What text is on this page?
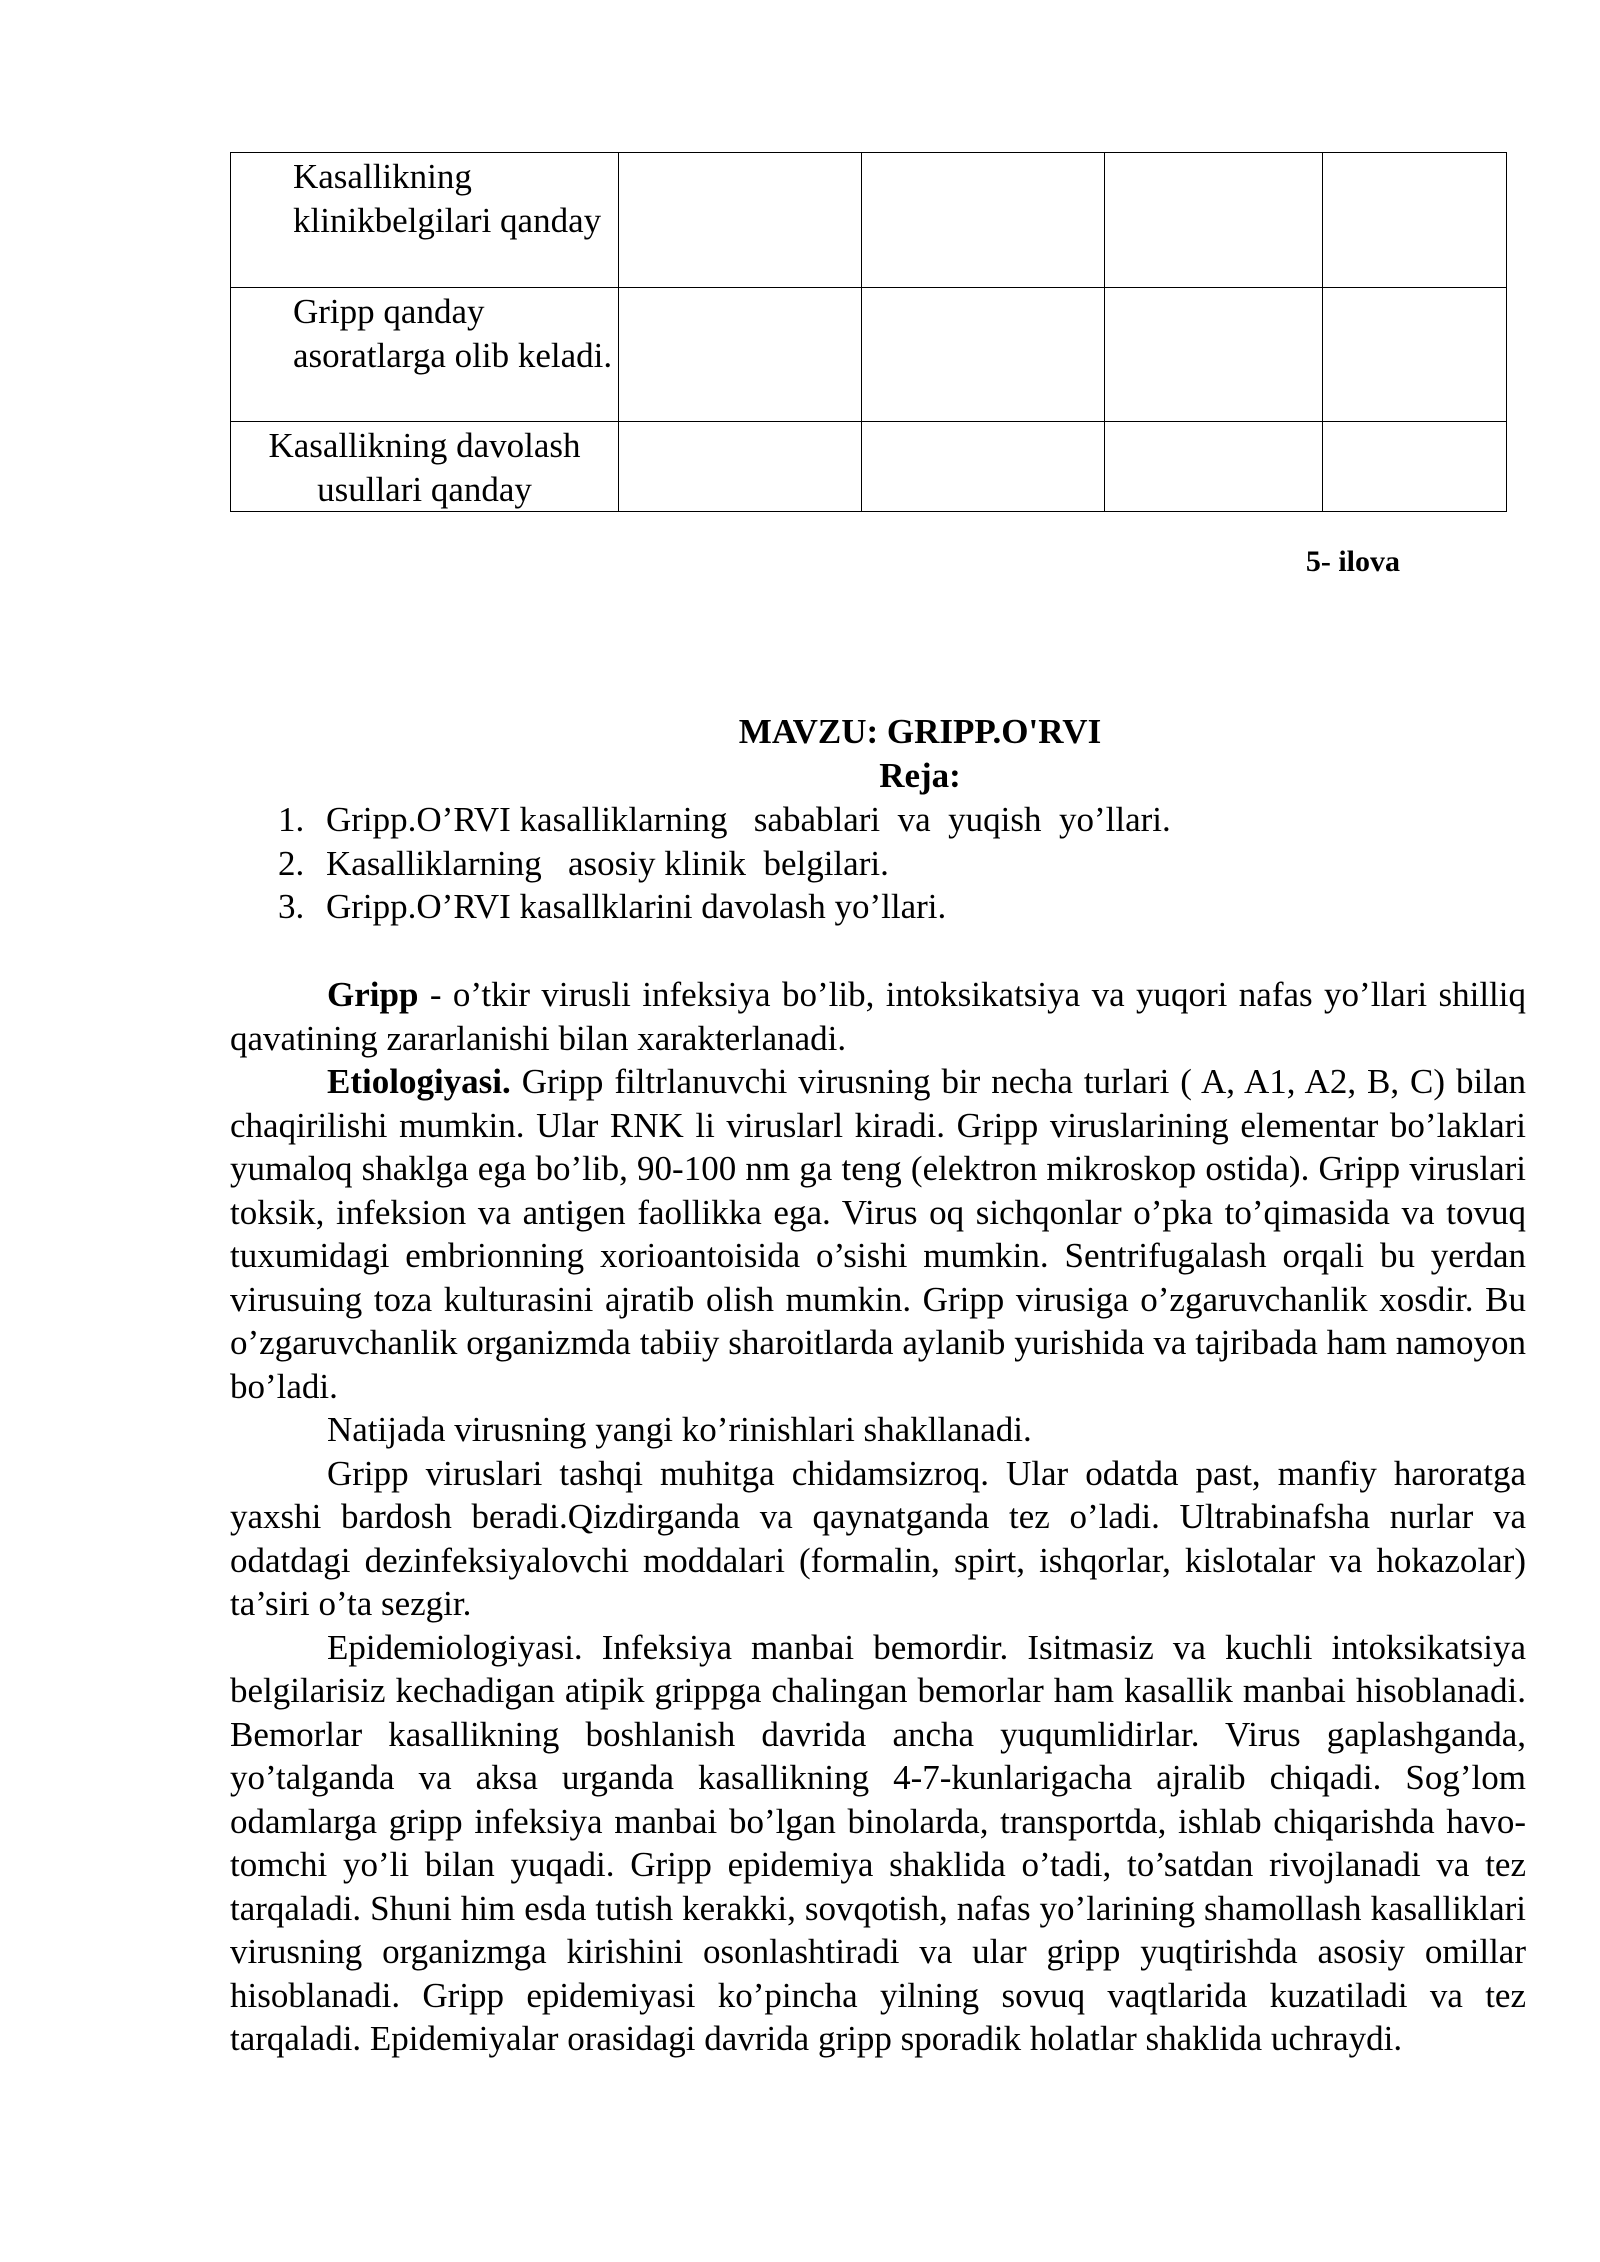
Kasallikning klinikbelgilari qanday				
Gripp qanday asoratlarga olib keladi.				
Kasallikning davolash usullari qanday				
5- ilova
MAVZU: GRIPP.O'RVI
Reja:
1. Gripp.O’RVI kasalliklarning   sabablari  va  yuqish  yo’llari.
2. Kasalliklarning   asosiy klinik  belgilari.
3. Gripp.O’RVI kasallklarini davolash yo’llari.

Gripp - o’tkir virusli infeksiya bo’lib, intoksikatsiya va yuqori nafas yo’llari shilliq qavatining zararlanishi bilan xarakterlanadi.

Etiologiyasi. Gripp filtrlanuvchi virusning bir necha turlari ( A, A1, A2, B, C) bilan chaqirilishi mumkin. Ular RNK li viruslarl kiradi. Gripp viruslarining elementar bo’laklari yumaloq shaklga ega bo’lib, 90-100 nm ga teng (elektron mikroskop ostida). Gripp viruslari toksik, infeksion va antigen faollikka ega. Virus oq sichqonlar o’pka to’qimasida va tovuq tuxumidagi embrionning xorioantoisida o’sishi mumkin. Sentrifugalash orqali bu yerdan virusuing toza kulturasini ajratib olish mumkin. Gripp virusiga o’zgaruvchanlik xosdir. Bu o’zgaruvchanlik organizmda tabiiy sharoitlarda aylanib yurishida va tajribada ham namoyon bo’ladi.

Natijada virusning yangi ko’rinishlari shakllanadi.

Gripp viruslari tashqi muhitga chidamsizroq. Ular odatda past, manfiy haroratga yaxshi bardosh beradi.Qizdirganda va qaynatganda tez o’ladi. Ultrabinafsha nurlar va odatdagi dezinfeksiyalovchi moddalari (formalin, spirt, ishqorlar, kislotalar va hokazolar) ta’siri o’ta sezgir.

Epidemiologiyasi. Infeksiya manbai bemordir. Isitmasiz va kuchli intoksikatsiya belgilarisiz kechadigan atipik grippga chalingan bemorlar ham kasallik manbai hisoblanadi. Bemorlar kasallikning boshlanish davrida ancha yuqumlidirlar. Virus gaplashganda, yo’talganda va aksa urganda kasallikning 4-7-kunlarigacha ajralib chiqadi. Sog’lom odamlarga gripp infeksiya manbai bo’lgan binolarda, transportda, ishlab chiqarishda havo-tomchi yo’li bilan yuqadi. Gripp epidemiya shaklida o’tadi, to’satdan rivojlanadi va tez tarqaladi. Shuni him esda tutish kerakki, sovqotish, nafas yo’larining shamollash kasalliklari virusning organizmga kirishini osonlashtiradi va ular gripp yuqtirishda asosiy omillar hisoblanadi. Gripp epidemiyasi ko’pincha yilning sovuq vaqtlarida kuzatiladi va tez tarqaladi. Epidemiyalar orasidagi davrida gripp sporadik holatlar shaklida uchraydi.
